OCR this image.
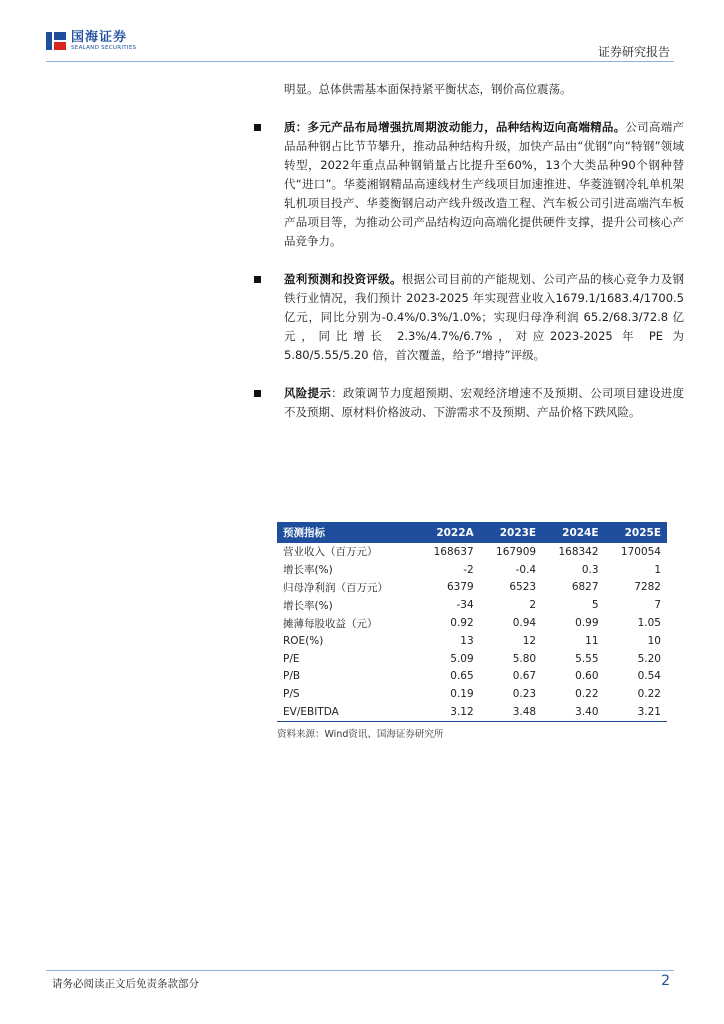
国海证券
SEALAND SECURITIES	证券研究报告

明显。总体供需基本面保持紧平衡状态，钢价高位震荡。

质：多元产品布局增强抗周期波动能力，品种结构迈向高端精品。公司高端产品品种钢占比节节攀升，推动品种结构升级，加快产品由“优钢”向“特钢”领域转型，2022年重点品种钢销量占比提升至60%，13个大类品种90个钢种替代“进口”。华菱湘钢精品高速线材生产线项目加速推进、华菱涟钢冷轧单机架轧机项目投产、华菱衡钢启动产线升级改造工程、汽车板公司引进高端汽车板产品项目等，为推动公司产品结构迈向高端化提供硬件支撑，提升公司核心产品竞争力。

盈利预测和投资评级。根据公司目前的产能规划、公司产品的核心竞争力及钢铁行业情况，我们预计 2023-2025 年实现营业收入1679.1/1683.4/1700.5 亿元，同比分别为-0.4%/0.3%/1.0%；实现归母净利润 65.2/68.3/72.8 亿元，同比增长 2.3%/4.7%/6.7%，对应2023-2025 年 PE 为 5.80/5.55/5.20 倍，首次覆盖，给予“增持”评级。

风险提示：政策调节力度超预期、宏观经济增速不及预期、公司项目建设进度不及预期、原材料价格波动、下游需求不及预期、产品价格下跌风险。

预测指标	2022A	2023E	2024E	2025E
营业收入（百万元）	168637	167909	168342	170054
增长率(%)	-2	-0.4	0.3	1
归母净利润（百万元）	6379	6523	6827	7282
增长率(%)	-34	2	5	7
摊薄每股收益（元）	0.92	0.94	0.99	1.05
ROE(%)	13	12	11	10
P/E	5.09	5.80	5.55	5.20
P/B	0.65	0.67	0.60	0.54
P/S	0.19	0.23	0.22	0.22
EV/EBITDA	3.12	3.48	3.40	3.21
资料来源：Wind资讯、国海证券研究所
请务必阅读正文后免责条款部分	2
